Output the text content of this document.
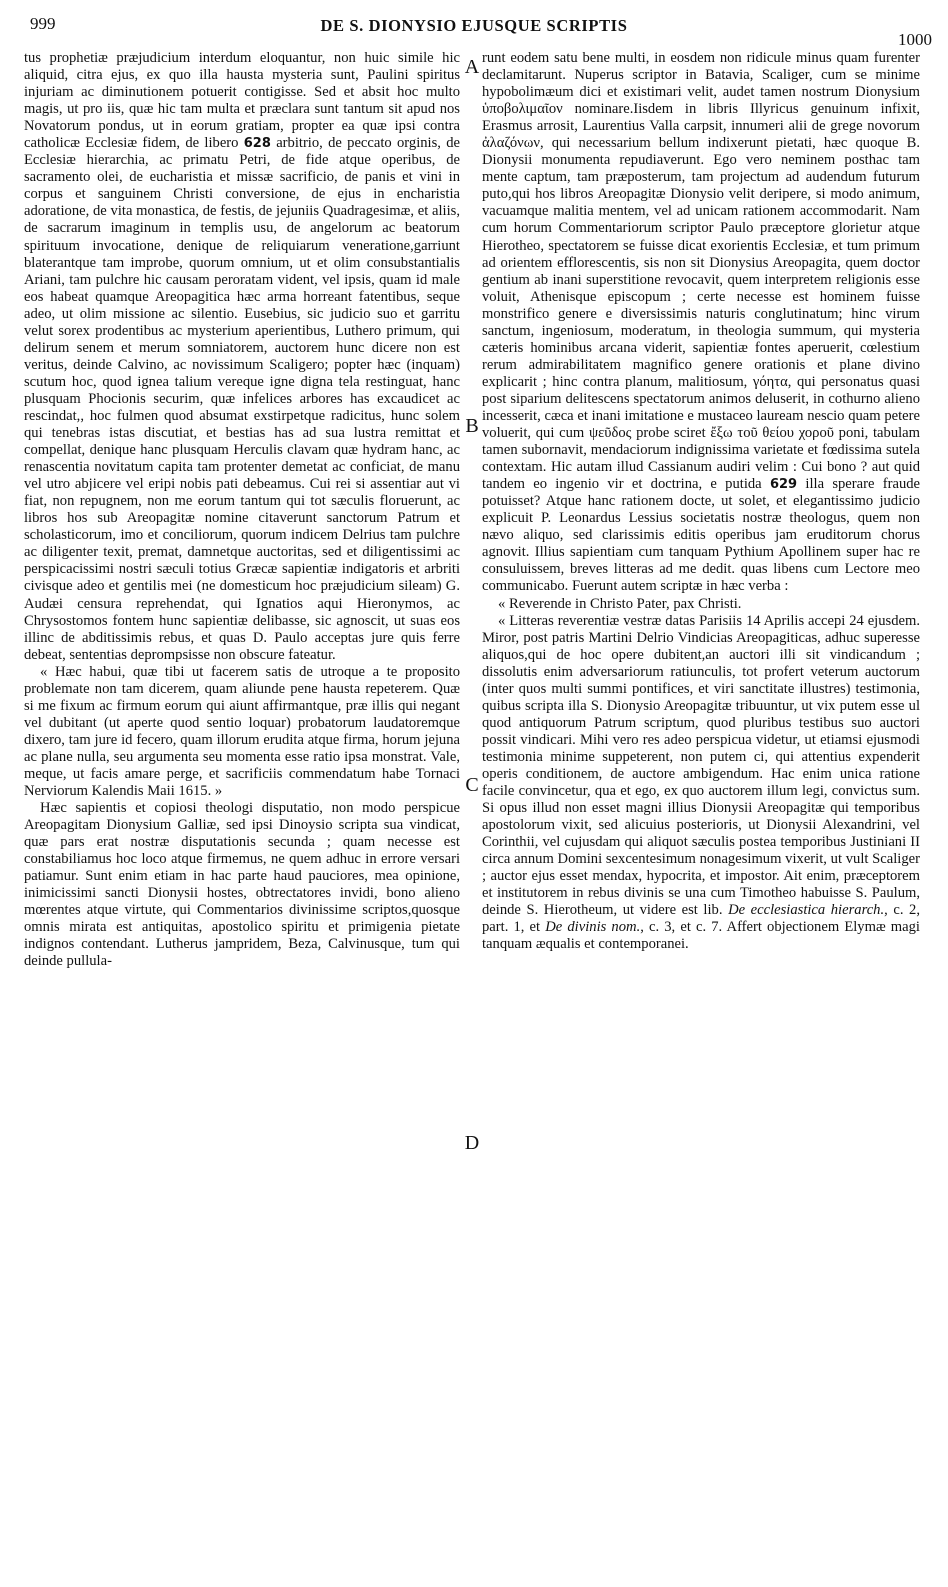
999	DE S. DIONYSIO EJUSQUE SCRIPTIS
1000
A
B
C
D

tus prophetiæ præjudicium interdum eloquantur, non huic simile hic aliquid, citra ejus, ex quo illa hausta mysteria sunt, Paulini spiritus injuriam ac diminutionem potuerit contigisse. Sed et absit hoc multo magis, ut pro iis, quæ hic tam multa et præclara sunt tantum sit apud nos Novatorum pondus, ut in eorum gratiam, propter ea quæ ipsi contra catholicæ Ecclesiæ fidem, de libero 628 arbitrio, de peccato orginis, de Ecclesiæ hierarchia, ac primatu Petri, de fide atque operibus, de sacramento olei, de eucharistia et missæ sacrificio, de panis et vini in corpus et sanguinem Christi conversione, de ejus in encharistia adoratione, de vita monastica, de festis, de jejuniis Quadragesimæ, et aliis, de sacrarum imaginum in templis usu, de angelorum ac beatorum spirituum invocatione, denique de reliquiarum veneratione,garriunt blaterantque tam improbe, quorum omnium, ut et olim consubstantialis Ariani, tam pulchre hic causam peroratam vident, vel ipsis, quam id male eos habeat quamque Areopagitica hæc arma horreant fatentibus, seque adeo, ut olim missione ac silentio. Eusebius, sic judicio suo et garritu velut sorex prodentibus ac mysterium aperientibus, Luthero primum, qui delirum senem et merum somniatorem, auctorem hunc dicere non est veritus, deinde Calvino, ac novissimum Scaligero; popter hæc (inquam) scutum hoc, quod ignea talium vereque igne digna tela restinguat, hanc plusquam Phocionis securim, quæ infelices arbores has excaudicet ac rescindat,, hoc fulmen quod absumat exstirpetque radicitus, hunc solem qui tenebras istas discutiat, et bestias has ad sua lustra remittat et compellat, denique hanc plusquam Herculis clavam quæ hydram hanc, ac renascentia novitatum capita tam protenter demetat ac conficiat, de manu vel utro abjicere vel eripi nobis pati debeamus. Cui rei si assentiar aut vi fiat, non repugnem, non me eorum tantum qui tot sæculis floruerunt, ac libros hos sub Areopagitæ nomine citaverunt sanctorum Patrum et scholasticorum, imo et conciliorum, quorum indicem Delrius tam pulchre ac diligenter texit, premat, damnetque auctoritas, sed et diligentissimi ac perspicacissimi nostri sæculi totius Græcæ sapientiæ indigatoris et arbriti civisque adeo et gentilis mei (ne domesticum hoc præjudicium sileam) G. Audæi censura reprehendat, qui Ignatios aqui Hieronymos, ac Chrysostomos fontem hunc sapientiæ delibasse, sic agnoscit, ut suas eos illinc de abditissimis rebus, et quas D. Paulo acceptas jure quis ferre debeat, sententias deprompsisse non obscure fateatur.

« Hæc habui, quæ tibi ut facerem satis de utroque a te proposito problemate non tam dicerem, quam aliunde pene hausta repeterem. Quæ si me fixum ac firmum eorum qui aiunt affirmantque, præ illis qui negant vel dubitant (ut aperte quod sentio loquar) probatorum laudatoremque dixero, tam jure id fecero, quam illorum erudita atque firma, horum jejuna ac plane nulla, seu argumenta seu momenta esse ratio ipsa monstrat. Vale, meque, ut facis amare perge, et sacrificiis commendatum habe Tornaci Nerviorum Kalendis Maii 1615. »

Hæc sapientis et copiosi theologi disputatio, non modo perspicue Areopagitam Dionysium Galliæ, sed ipsi Dinoysio scripta sua vindicat, quæ pars erat nostræ disputationis secunda ; quam necesse est constabiliamus hoc loco atque firmemus, ne quem adhuc in errore versari patiamur. Sunt enim etiam in hac parte haud pauciores, mea opinione, inimicissimi sancti Dionysii hostes, obtrectatores invidi, bono alieno mœrentes atque virtute, qui Commentarios divinissime scriptos,quosque omnis mirata est antiquitas, apostolico spiritu et primigenia pietate indignos contendant. Lutherus jampridem, Beza, Calvinusque, tum qui deinde pullula-

runt eodem satu bene multi, in eosdem non ridicule minus quam furenter declamitarunt. Nuperus scriptor in Batavia, Scaliger, cum se minime hypobolimæum dici et existimari velit, audet tamen nostrum Dionysium ὑποβολιμαῖον nominare.Iisdem in libris Illyricus genuinum infixit, Erasmus arrosit, Laurentius Valla carpsit, innumeri alii de grege novorum ἀλαζόνων, qui necessarium bellum indixerunt pietati, hæc quoque B. Dionysii monumenta repudiaverunt. Ego vero neminem posthac tam mente captum, tam præposterum, tam projectum ad audendum futurum puto,qui hos libros Areopagitæ Dionysio velit deripere, si modo animum, vacuamque malitia mentem, vel ad unicam rationem accommodarit. Nam cum horum Commentariorum scriptor Paulo præceptore glorietur atque Hierotheo, spectatorem se fuisse dicat exorientis Ecclesiæ, et tum primum ad orientem efflorescentis, sis non sit Dionysius Areopagita, quem doctor gentium ab inani superstitione revocavit, quem interpretem religionis esse voluit, Athenisque episcopum ; certe necesse est hominem fuisse monstrifico genere e diversissimis naturis conglutinatum; hinc virum sanctum, ingeniosum, moderatum, in theologia summum, qui mysteria cæteris hominibus arcana viderit, sapientiæ fontes aperuerit, cœlestium rerum admirabilitatem magnifico genere orationis et plane divino explicarit ; hinc contra planum, malitiosum, γόητα, qui personatus quasi post siparium delitescens spectatorum animos deluserit, in cothurno alieno incesserit, cæca et inani imitatione e mustaceo lauream nescio quam petere voluerit, qui cum ψεῦδος probe sciret ἔξω τοῦ θείου χοροῦ poni, tabulam tamen subornavit, mendaciorum indignissima varietate et fœdissima sutela contextam. Hic autam illud Cassianum audiri velim : Cui bono ? aut quid tandem eo ingenio vir et doctrina, e putida 629 illa sperare fraude potuisset? Atque hanc rationem docte, ut solet, et elegantissimo judicio explicuit P. Leonardus Lessius societatis nostræ theologus, quem non nævo aliquo, sed clarissimis editis operibus jam eruditorum chorus agnovit. Illius sapientiam cum tanquam Pythium Apollinem super hac re consuluissem, breves litteras ad me dedit. quas libens cum Lectore meo communicabo. Fuerunt autem scriptæ in hæc verba :

« Reverende in Christo Pater, pax Christi.

« Litteras reverentiæ vestræ datas Parisiis 14 Aprilis accepi 24 ejusdem. Miror, post patris Martini Delrio Vindicias Areopagiticas, adhuc superesse aliquos,qui de hoc opere dubitent,an auctori illi sit vindicandum ; dissolutis enim adversariorum ratiunculis, tot profert veterum auctorum (inter quos multi summi pontifices, et viri sanctitate illustres) testimonia, quibus scripta illa S. Dionysio Areopagitæ tribuuntur, ut vix putem esse ul quod antiquorum Patrum scriptum, quod pluribus testibus suo auctori possit vindicari. Mihi vero res adeo perspicua videtur, ut etiamsi ejusmodi testimonia minime suppeterent, non putem ci, qui attentius expenderit operis conditionem, de auctore ambigendum. Hac enim unica ratione facile convincetur, qua et ego, ex quo auctorem illum legi, convictus sum. Si opus illud non esset magni illius Dionysii Areopagitæ qui temporibus apostolorum vixit, sed alicuius posterioris, ut Dionysii Alexandrini, vel Corinthii, vel cujusdam qui aliquot sæculis postea temporibus Justiniani II circa annum Domini sexcentesimum nonagesimum vixerit, ut vult Scaliger ; auctor ejus esset mendax, hypocrita, et impostor. Ait enim, præceptorem et institutorem in rebus divinis se una cum Timotheo habuisse S. Paulum, deinde S. Hierotheum, ut videre est lib. De ecclesiastica hierarch., c. 2, part. 1, et De divinis nom., c. 3, et c. 7. Affert objectionem Elymæ magi tanquam æqualis et contemporanei.
